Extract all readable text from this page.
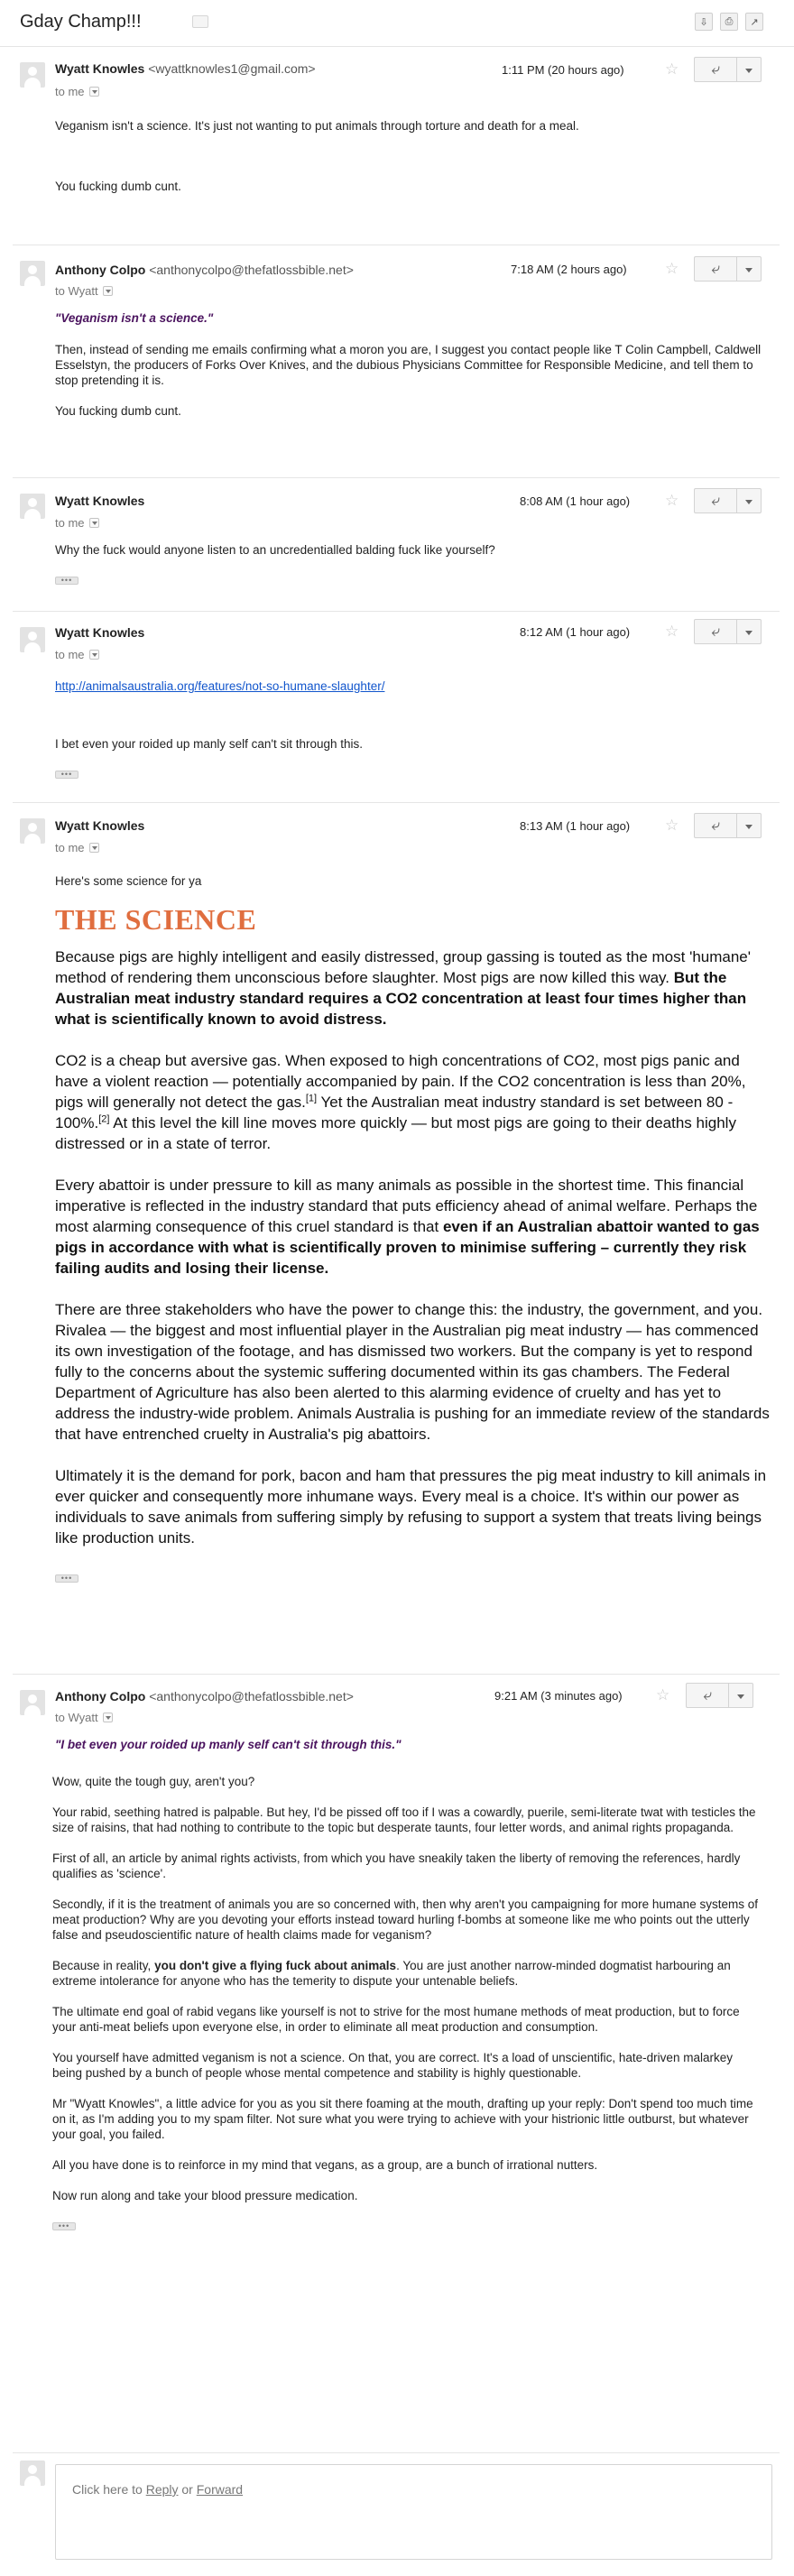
Gday Champ!!!	⇩	⎙	↗
Wyatt Knowles <wyattknowles1@gmail.com>
to me
1:11 PM (20 hours ago)	☆	⤶

Veganism isn't a science. It's just not wanting to put animals through torture and death for a meal.

You fucking dumb cunt.

Anthony Colpo <anthonycolpo@thefatlossbible.net>
to Wyatt
7:18 AM (2 hours ago) ☆	⤶

"Veganism isn't a science."

Then, instead of sending me emails confirming what a moron you are, I suggest you contact people like T Colin Campbell, Caldwell Esselstyn, the producers of Forks Over Knives, and the dubious Physicians Committee for Responsible Medicine, and tell them to stop pretending it is.

You fucking dumb cunt.

Wyatt Knowles
to me
8:08 AM (1 hour ago) ☆	⤶

Why the fuck would anyone listen to an uncredentialled balding fuck like yourself?

•••
Wyatt Knowles
to me
8:12 AM (1 hour ago) ☆	⤶

http://animalsaustralia.org/features/not-so-humane-slaughter/

I bet even your roided up manly self can't sit through this.

•••
Wyatt Knowles
to me
8:13 AM (1 hour ago) ☆	⤶
Here's some science for ya
THE SCIENCE

Because pigs are highly intelligent and easily distressed, group gassing is touted as the most 'humane' method of rendering them unconscious before slaughter. Most pigs are now killed this way. But the Australian meat industry standard requires a CO2 concentration at least four times higher than what is scientifically known to avoid distress.

CO2 is a cheap but aversive gas. When exposed to high concentrations of CO2, most pigs panic and have a violent reaction — potentially accompanied by pain. If the CO2 concentration is less than 20%, pigs will generally not detect the gas.[1] Yet the Australian meat industry standard is set between 80 - 100%.[2] At this level the kill line moves more quickly — but most pigs are going to their deaths highly distressed or in a state of terror.

Every abattoir is under pressure to kill as many animals as possible in the shortest time. This financial imperative is reflected in the industry standard that puts efficiency ahead of animal welfare. Perhaps the most alarming consequence of this cruel standard is that even if an Australian abattoir wanted to gas pigs in accordance with what is scientifically proven to minimise suffering – currently they risk failing audits and losing their license.

There are three stakeholders who have the power to change this: the industry, the government, and you. Rivalea — the biggest and most influential player in the Australian pig meat industry — has commenced its own investigation of the footage, and has dismissed two workers. But the company is yet to respond fully to the concerns about the systemic suffering documented within its gas chambers. The Federal Department of Agriculture has also been alerted to this alarming evidence of cruelty and has yet to address the industry-wide problem. Animals Australia is pushing for an immediate review of the standards that have entrenched cruelty in Australia's pig abattoirs.

Ultimately it is the demand for pork, bacon and ham that pressures the pig meat industry to kill animals in ever quicker and consequently more inhumane ways. Every meal is a choice. It's within our power as individuals to save animals from suffering simply by refusing to support a system that treats living beings like production units.

•••
Anthony Colpo <anthonycolpo@thefatlossbible.net>
to Wyatt
9:21 AM (3 minutes ago) ☆	⤶

"I bet even your roided up manly self can't sit through this."

Wow, quite the tough guy, aren't you?

Your rabid, seething hatred is palpable. But hey, I'd be pissed off too if I was a cowardly, puerile, semi-literate twat with testicles the size of raisins, that had nothing to contribute to the topic but desperate taunts, four letter words, and animal rights propaganda.

First of all, an article by animal rights activists, from which you have sneakily taken the liberty of removing the references, hardly qualifies as 'science'.

Secondly, if it is the treatment of animals you are so concerned with, then why aren't you campaigning for more humane systems of meat production? Why are you devoting your efforts instead toward hurling f-bombs at someone like me who points out the utterly false and pseudoscientific nature of health claims made for veganism?

Because in reality, you don't give a flying fuck about animals. You are just another narrow-minded dogmatist harbouring an extreme intolerance for anyone who has the temerity to dispute your untenable beliefs.

The ultimate end goal of rabid vegans like yourself is not to strive for the most humane methods of meat production, but to force your anti-meat beliefs upon everyone else, in order to eliminate all meat production and consumption.

You yourself have admitted veganism is not a science. On that, you are correct. It's a load of unscientific, hate-driven malarkey being pushed by a bunch of people whose mental competence and stability is highly questionable.

Mr "Wyatt Knowles", a little advice for you as you sit there foaming at the mouth, drafting up your reply: Don't spend too much time on it, as I'm adding you to my spam filter. Not sure what you were trying to achieve with your histrionic little outburst, but whatever your goal, you failed.

All you have done is to reinforce in my mind that vegans, as a group, are a bunch of irrational nutters.

Now run along and take your blood pressure medication.

•••
Click here to Reply or Forward
